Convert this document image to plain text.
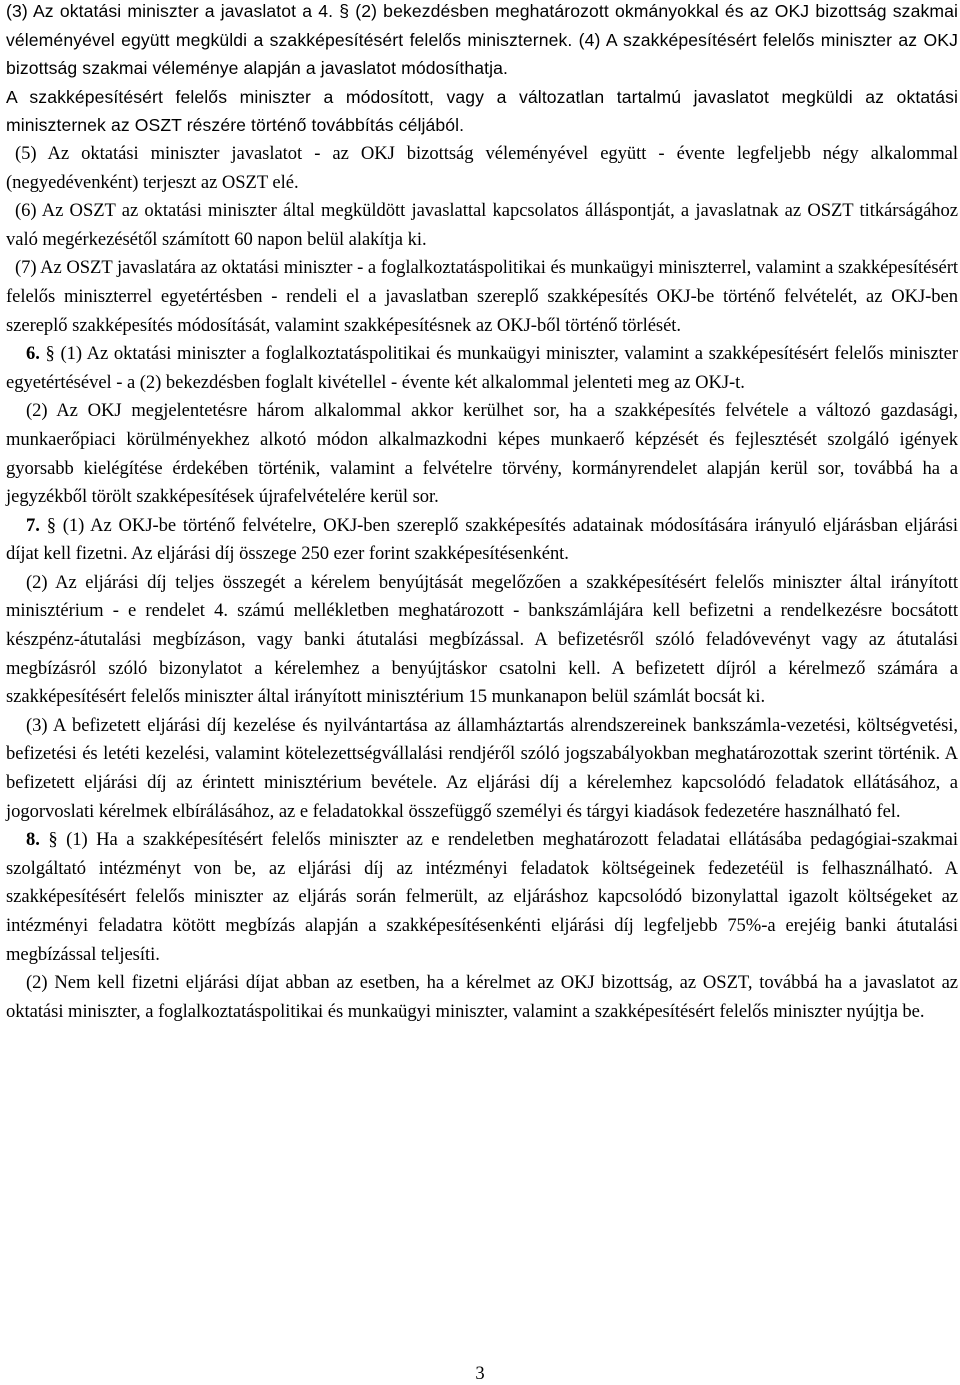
(3) Az oktatási miniszter a javaslatot a 4. § (2) bekezdésben meghatározott okmányokkal és az OKJ bizottság szakmai véleményével együtt megküldi a szakképesítésért felelős miniszternek. (4) A szakképesítésért felelős miniszter az OKJ bizottság szakmai véleménye alapján a javaslatot módosíthatja.

A szakképesítésért felelős miniszter a módosított, vagy a változatlan tartalmú javaslatot megküldi az oktatási miniszternek az OSZT részére történő továbbítás céljából.

(5) Az oktatási miniszter javaslatot - az OKJ bizottság véleményével együtt - évente legfeljebb négy alkalommal (negyedévenként) terjeszt az OSZT elé.

(6) Az OSZT az oktatási miniszter által megküldött javaslattal kapcsolatos álláspontját, a javaslatnak az OSZT titkárságához való megérkezésétől számított 60 napon belül alakítja ki.

(7) Az OSZT javaslatára az oktatási miniszter - a foglalkoztatáspolitikai és munkaügyi miniszterrel, valamint a szakképesítésért felelős miniszterrel egyetértésben - rendeli el a javaslatban szereplő szakképesítés OKJ-be történő felvételét, az OKJ-ben szereplő szakképesítés módosítását, valamint szakképesítésnek az OKJ-ből történő törlését.

6. § (1) Az oktatási miniszter a foglalkoztatáspolitikai és munkaügyi miniszter, valamint a szakképesítésért felelős miniszter egyetértésével - a (2) bekezdésben foglalt kivétellel - évente két alkalommal jelenteti meg az OKJ-t.

(2) Az OKJ megjelentetésre három alkalommal akkor kerülhet sor, ha a szakképesítés felvétele a változó gazdasági, munkaerőpiaci körülményekhez alkotó módon alkalmazkodni képes munkaerő képzését és fejlesztését szolgáló igények gyorsabb kielégítése érdekében történik, valamint a felvételre törvény, kormányrendelet alapján kerül sor, továbbá ha a jegyzékből törölt szakképesítések újrafelvételére kerül sor.

7. § (1) Az OKJ-be történő felvételre, OKJ-ben szereplő szakképesítés adatainak módosítására irányuló eljárásban eljárási díjat kell fizetni. Az eljárási díj összege 250 ezer forint szakképesítésenként.

(2) Az eljárási díj teljes összegét a kérelem benyújtását megelőzően a szakképesítésért felelős miniszter által irányított minisztérium - e rendelet 4. számú mellékletben meghatározott - bankszámlájára kell befizetni a rendelkezésre bocsátott készpénz-átutalási megbízáson, vagy banki átutalási megbízással. A befizetésről szóló feladóvevényt vagy az átutalási megbízásról szóló bizonylatot a kérelemhez a benyújtáskor csatolni kell. A befizetett díjról a kérelmező számára a szakképesítésért felelős miniszter által irányított minisztérium 15 munkanapon belül számlát bocsát ki.

(3) A befizetett eljárási díj kezelése és nyilvántartása az államháztartás alrendszereinek bankszámla-vezetési, költségvetési, befizetési és letéti kezelési, valamint kötelezettségvállalási rendjéről szóló jogszabályokban meghatározottak szerint történik. A befizetett eljárási díj az érintett minisztérium bevétele. Az eljárási díj a kérelemhez kapcsolódó feladatok ellátásához, a jogorvoslati kérelmek elbírálásához, az e feladatokkal összefüggő személyi és tárgyi kiadások fedezetére használható fel.

8. § (1) Ha a szakképesítésért felelős miniszter az e rendeletben meghatározott feladatai ellátásába pedagógiai-szakmai szolgáltató intézményt von be, az eljárási díj az intézményi feladatok költségeinek fedezetéül is felhasználható. A szakképesítésért felelős miniszter az eljárás során felmerült, az eljáráshoz kapcsolódó bizonylattal igazolt költségeket az intézményi feladatra kötött megbízás alapján a szakképesítésenkénti eljárási díj legfeljebb 75%-a erejéig banki átutalási megbízással teljesíti.

(2) Nem kell fizetni eljárási díjat abban az esetben, ha a kérelmet az OKJ bizottság, az OSZT, továbbá ha a javaslatot az oktatási miniszter, a foglalkoztatáspolitikai és munkaügyi miniszter, valamint a szakképesítésért felelős miniszter nyújtja be.

3
